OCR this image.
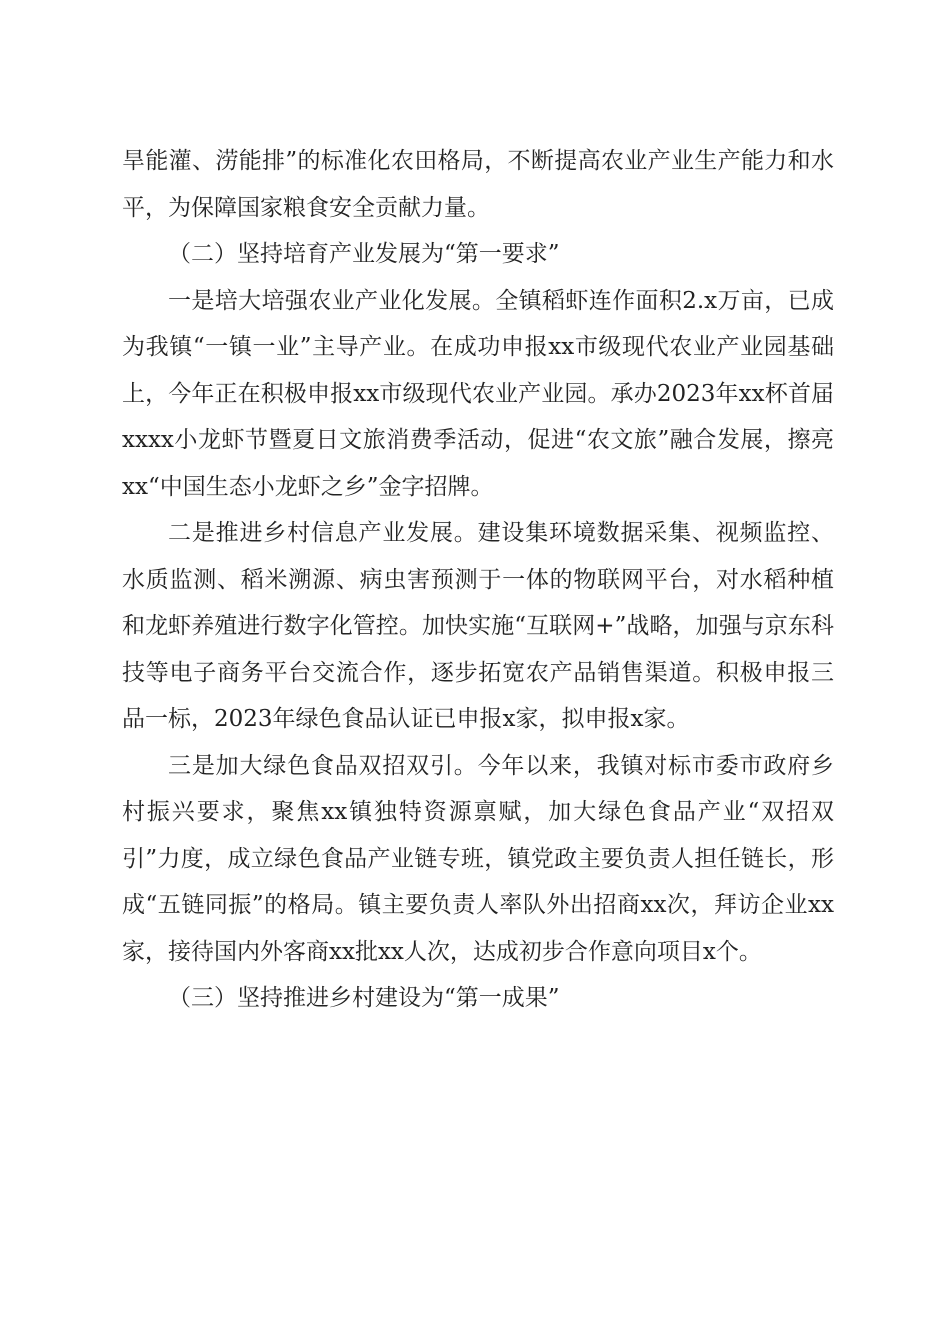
旱能灌、涝能排”的标准化农田格局，不断提高农业产业生产能力和水平，为保障国家粮食安全贡献力量。

（二）坚持培育产业发展为“第一要求”

一是培大培强农业产业化发展。全镇稻虾连作面积2.x万亩，已成为我镇“一镇一业”主导产业。在成功申报xx市级现代农业产业园基础上，今年正在积极申报xx市级现代农业产业园。承办2023年xx杯首届xxxx小龙虾节暨夏日文旅消费季活动，促进“农文旅”融合发展，擦亮xx“中国生态小龙虾之乡”金字招牌。

二是推进乡村信息产业发展。建设集环境数据采集、视频监控、水质监测、稻米溯源、病虫害预测于一体的物联网平台，对水稻种植和龙虾养殖进行数字化管控。加快实施“互联网+”战略，加强与京东科技等电子商务平台交流合作，逐步拓宽农产品销售渠道。积极申报三品一标，2023年绿色食品认证已申报x家，拟申报x家。

三是加大绿色食品双招双引。今年以来，我镇对标市委市政府乡村振兴要求，聚焦xx镇独特资源禀赋，加大绿色食品产业“双招双引”力度，成立绿色食品产业链专班，镇党政主要负责人担任链长，形成“五链同振”的格局。镇主要负责人率队外出招商xx次，拜访企业xx家，接待国内外客商xx批xx人次，达成初步合作意向项目x个。

（三）坚持推进乡村建设为“第一成果”
